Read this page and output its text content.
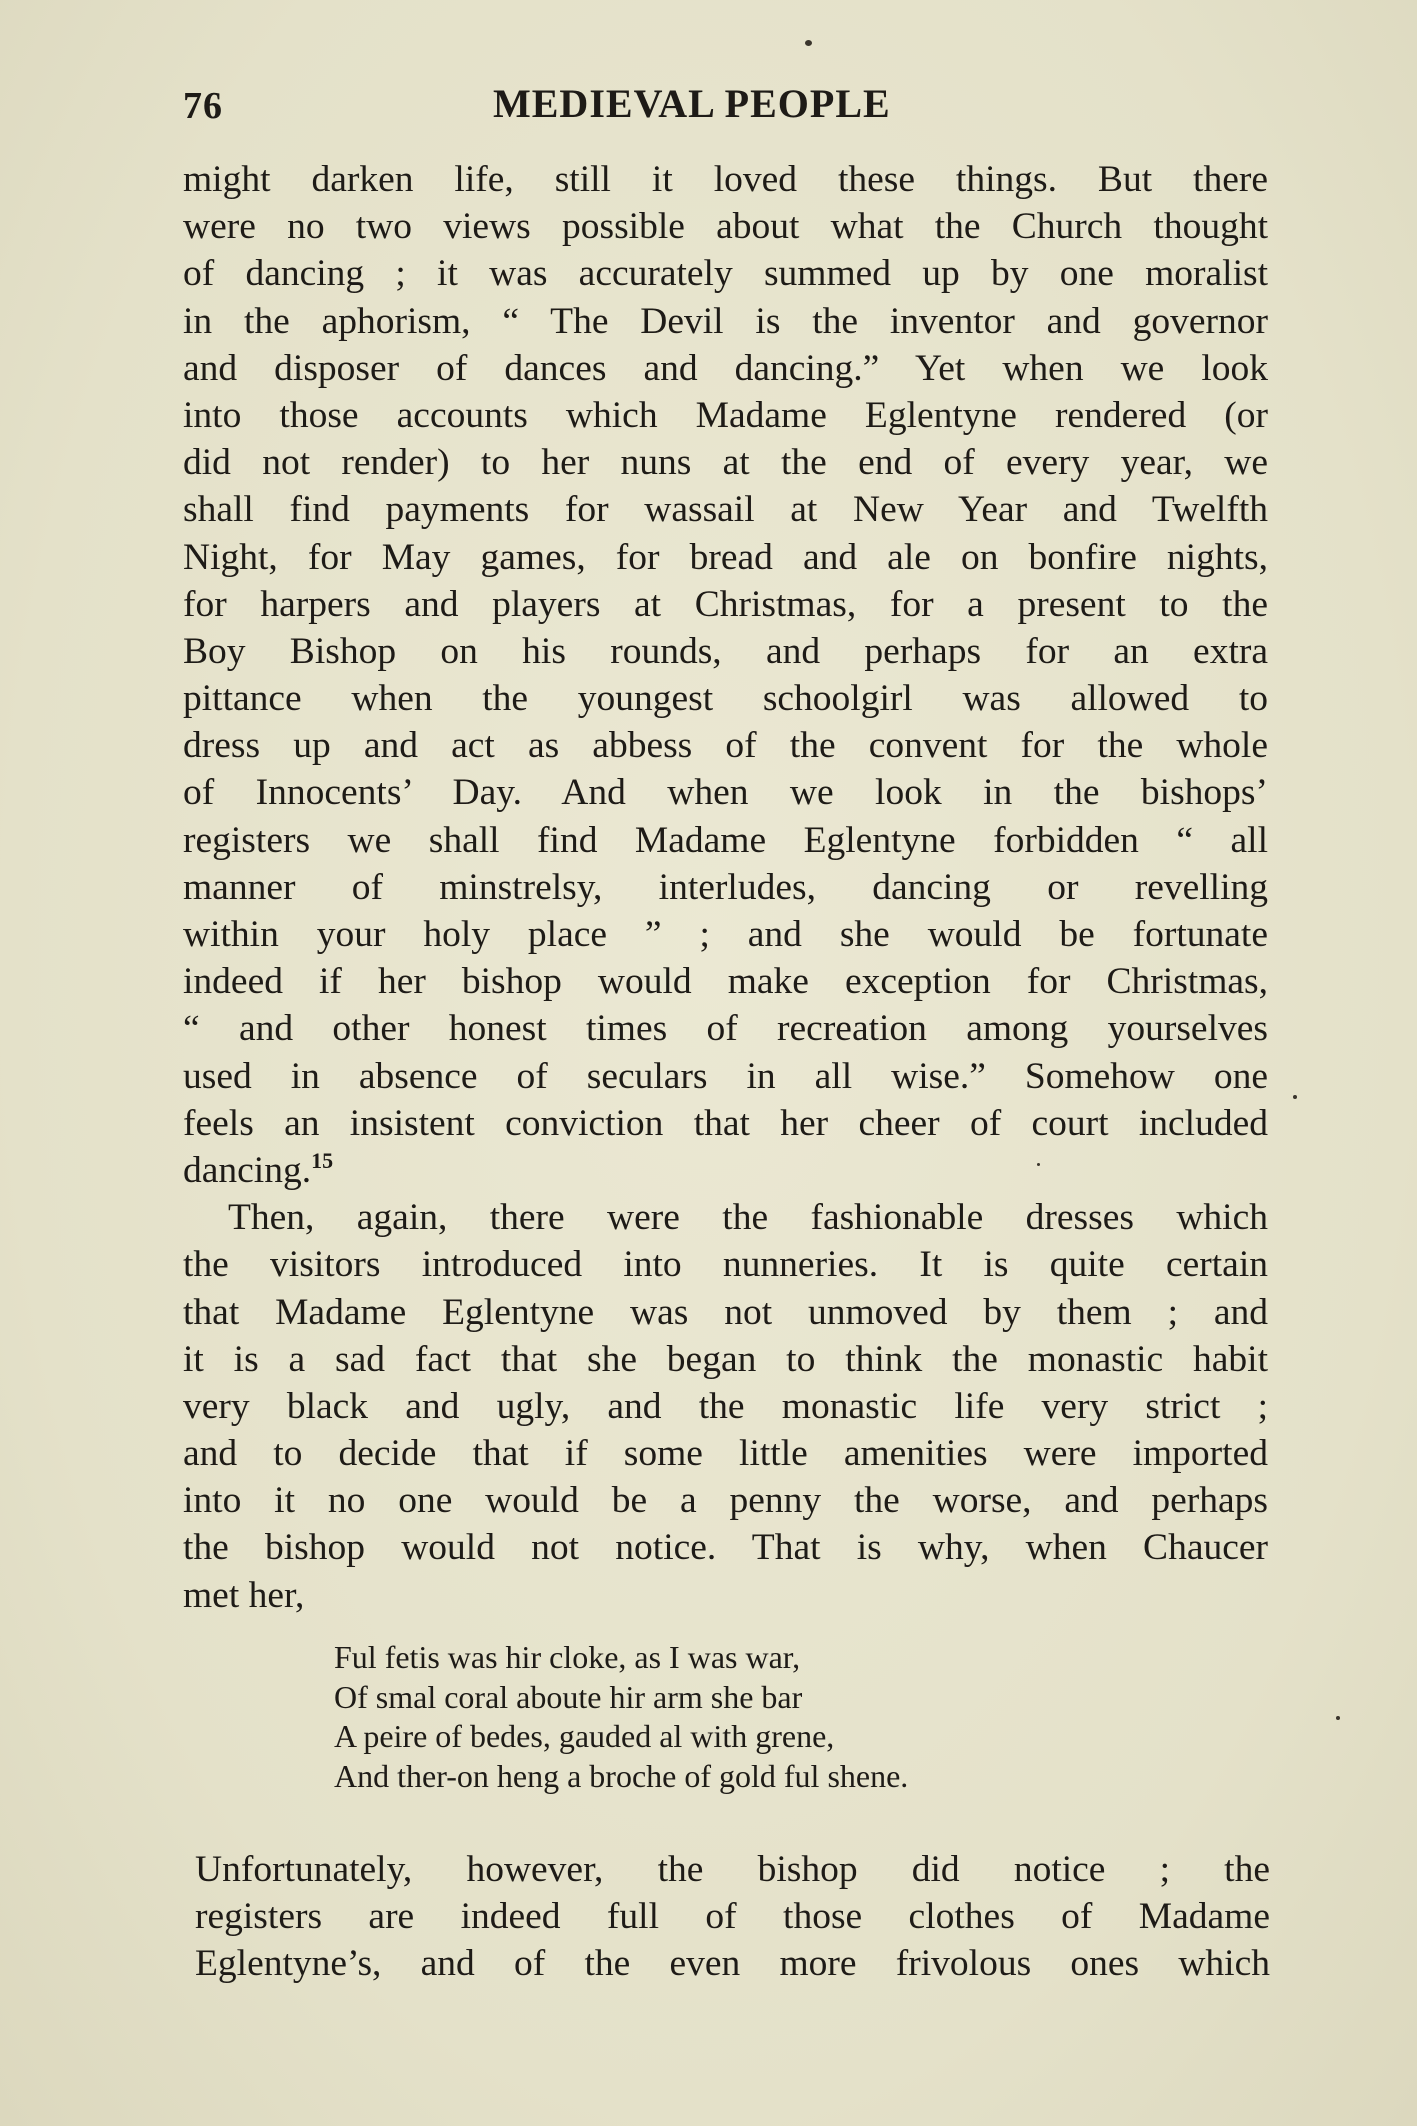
76	MEDIEVAL PEOPLE
might darken life, still it loved these things. But there
were no two views possible about what the Church thought
of dancing ; it was accurately summed up by one moralist
in the aphorism, “ The Devil is the inventor and governor
and disposer of dances and dancing.” Yet when we look
into those accounts which Madame Eglentyne rendered (or
did not render) to her nuns at the end of every year, we
shall find payments for wassail at New Year and Twelfth
Night, for May games, for bread and ale on bonfire nights,
for harpers and players at Christmas, for a present to the
Boy Bishop on his rounds, and perhaps for an extra
pittance when the youngest schoolgirl was allowed to
dress up and act as abbess of the convent for the whole
of Innocents’ Day. And when we look in the bishops’
registers we shall find Madame Eglentyne forbidden “ all
manner of minstrelsy, interludes, dancing or revelling
within your holy place ” ; and she would be fortunate
indeed if her bishop would make exception for Christmas,
“ and other honest times of recreation among yourselves
used in absence of seculars in all wise.” Somehow one
feels an insistent conviction that her cheer of court included
dancing.$^{15}$
Then, again, there were the fashionable dresses which
the visitors introduced into nunneries. It is quite certain
that Madame Eglentyne was not unmoved by them ; and
it is a sad fact that she began to think the monastic habit
very black and ugly, and the monastic life very strict ;
and to decide that if some little amenities were imported
into it no one would be a penny the worse, and perhaps
the bishop would not notice. That is why, when Chaucer
met her,
Ful fetis was hir cloke, as I was war,
Of smal coral aboute hir arm she bar
A peire of bedes, gauded al with grene,
And ther-on heng a broche of gold ful shene.
Unfortunately, however, the bishop did notice ; the
registers are indeed full of those clothes of Madame
Eglentyne’s, and of the even more frivolous ones which
